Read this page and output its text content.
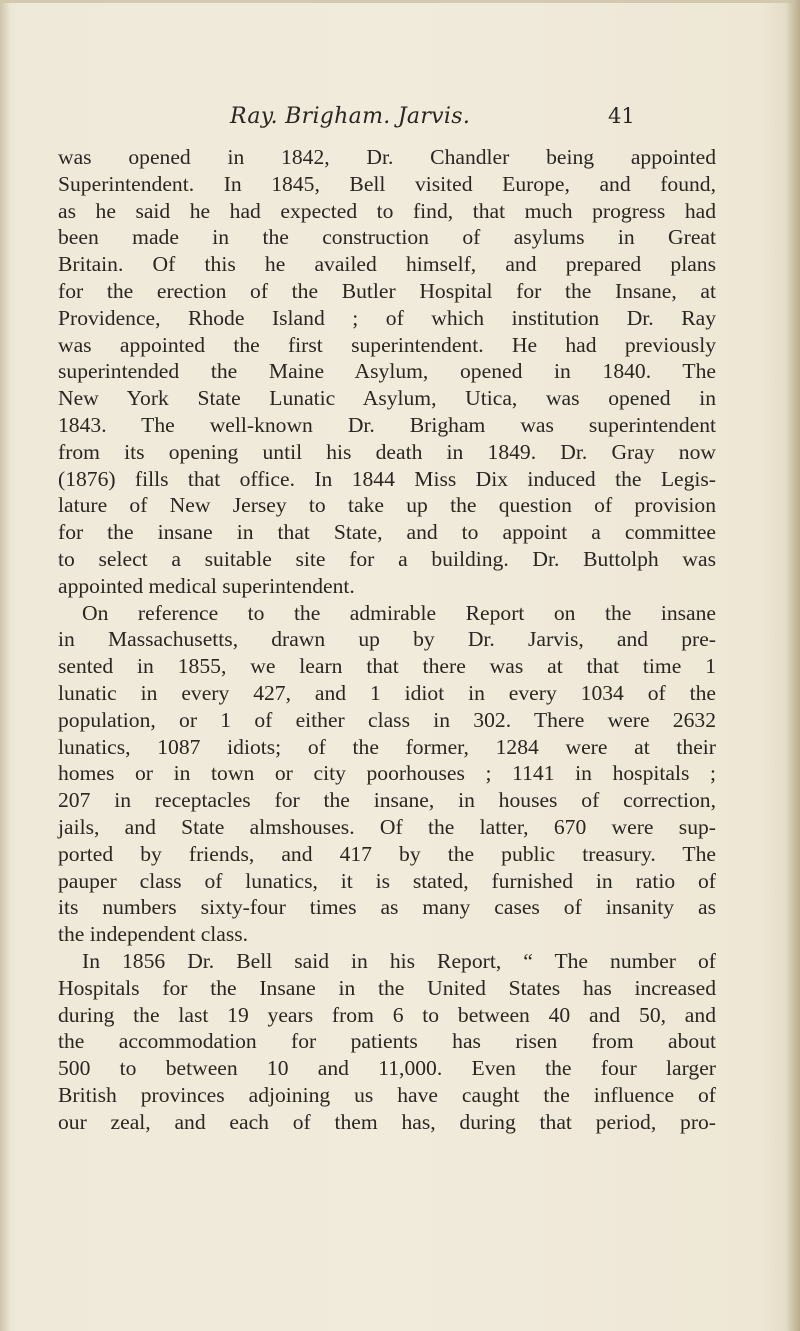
Ray. Brigham. Jarvis.	41
was opened in 1842, Dr. Chandler being appointed
Superintendent. In 1845, Bell visited Europe, and found,
as he said he had expected to find, that much progress had
been made in the construction of asylums in Great
Britain. Of this he availed himself, and prepared plans
for the erection of the Butler Hospital for the Insane, at
Providence, Rhode Island ; of which institution Dr. Ray
was appointed the first superintendent. He had previously
superintended the Maine Asylum, opened in 1840. The
New York State Lunatic Asylum, Utica, was opened in
1843. The well-known Dr. Brigham was superintendent
from its opening until his death in 1849. Dr. Gray now
(1876) fills that office. In 1844 Miss Dix induced the Legis-
lature of New Jersey to take up the question of provision
for the insane in that State, and to appoint a committee
to select a suitable site for a building. Dr. Buttolph was
appointed medical superintendent.
On reference to the admirable Report on the insane
in Massachusetts, drawn up by Dr. Jarvis, and pre-
sented in 1855, we learn that there was at that time 1
lunatic in every 427, and 1 idiot in every 1034 of the
population, or 1 of either class in 302. There were 2632
lunatics, 1087 idiots; of the former, 1284 were at their
homes or in town or city poorhouses ; 1141 in hospitals ;
207 in receptacles for the insane, in houses of correction,
jails, and State almshouses. Of the latter, 670 were sup-
ported by friends, and 417 by the public treasury. The
pauper class of lunatics, it is stated, furnished in ratio of
its numbers sixty-four times as many cases of insanity as
the independent class.
In 1856 Dr. Bell said in his Report, “ The number of
Hospitals for the Insane in the United States has increased
during the last 19 years from 6 to between 40 and 50, and
the accommodation for patients has risen from about
500 to between 10 and 11,000. Even the four larger
British provinces adjoining us have caught the influence of
our zeal, and each of them has, during that period, pro-
